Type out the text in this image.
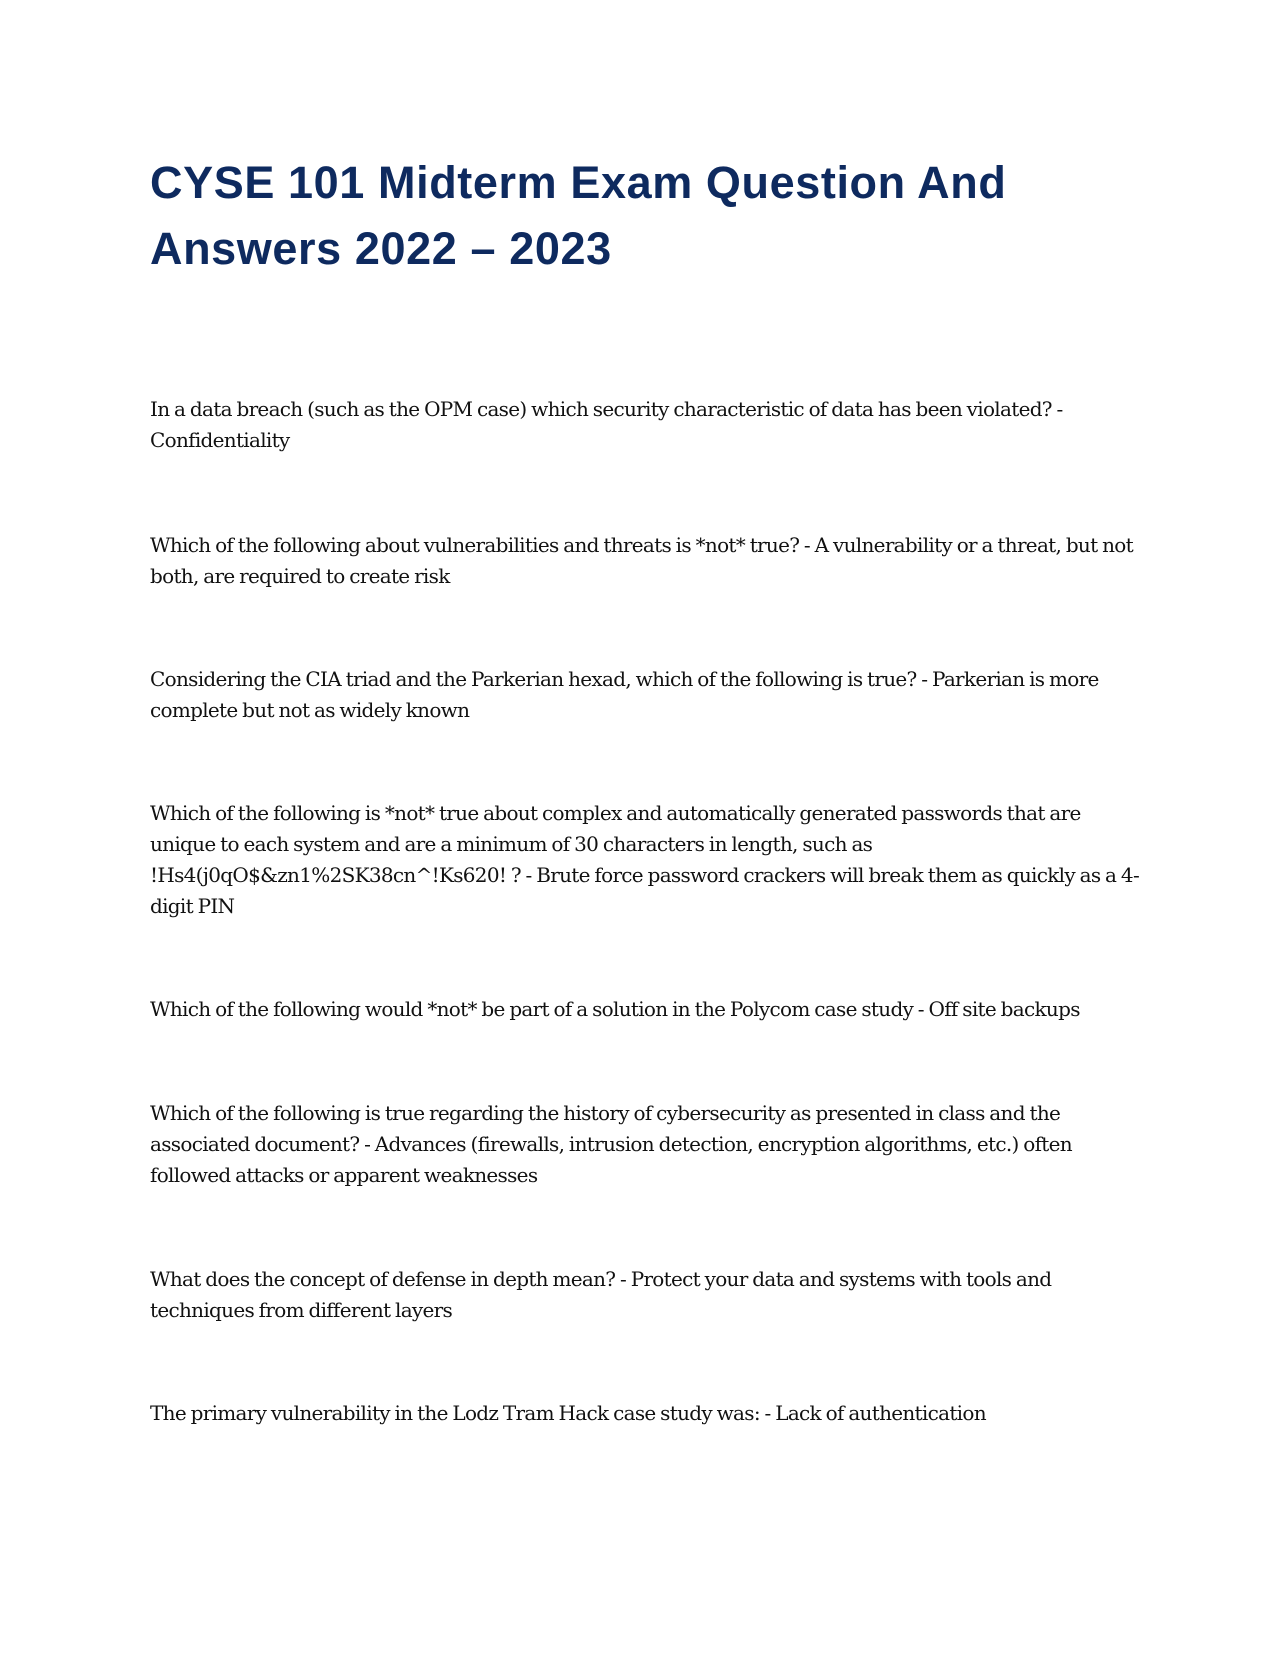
CYSE 101 Midterm Exam Question And Answers 2022 – 2023

In a data breach (such as the OPM case) which security characteristic of data has been violated? - Confidentiality

Which of the following about vulnerabilities and threats is *not* true? - A vulnerability or a threat, but not both, are required to create risk

Considering the CIA triad and the Parkerian hexad, which of the following is true? - Parkerian is more complete but not as widely known

Which of the following is *not* true about complex and automatically generated passwords that are unique to each system and are a minimum of 30 characters in length, such as !Hs4(j0qO$&zn1%2SK38cn^!Ks620! ? - Brute force password crackers will break them as quickly as a 4-digit PIN

Which of the following would *not* be part of a solution in the Polycom case study - Off site backups

Which of the following is true regarding the history of cybersecurity as presented in class and the associated document? - Advances (firewalls, intrusion detection, encryption algorithms, etc.) often followed attacks or apparent weaknesses

What does the concept of defense in depth mean? - Protect your data and systems with tools and techniques from different layers

The primary vulnerability in the Lodz Tram Hack case study was: - Lack of authentication
